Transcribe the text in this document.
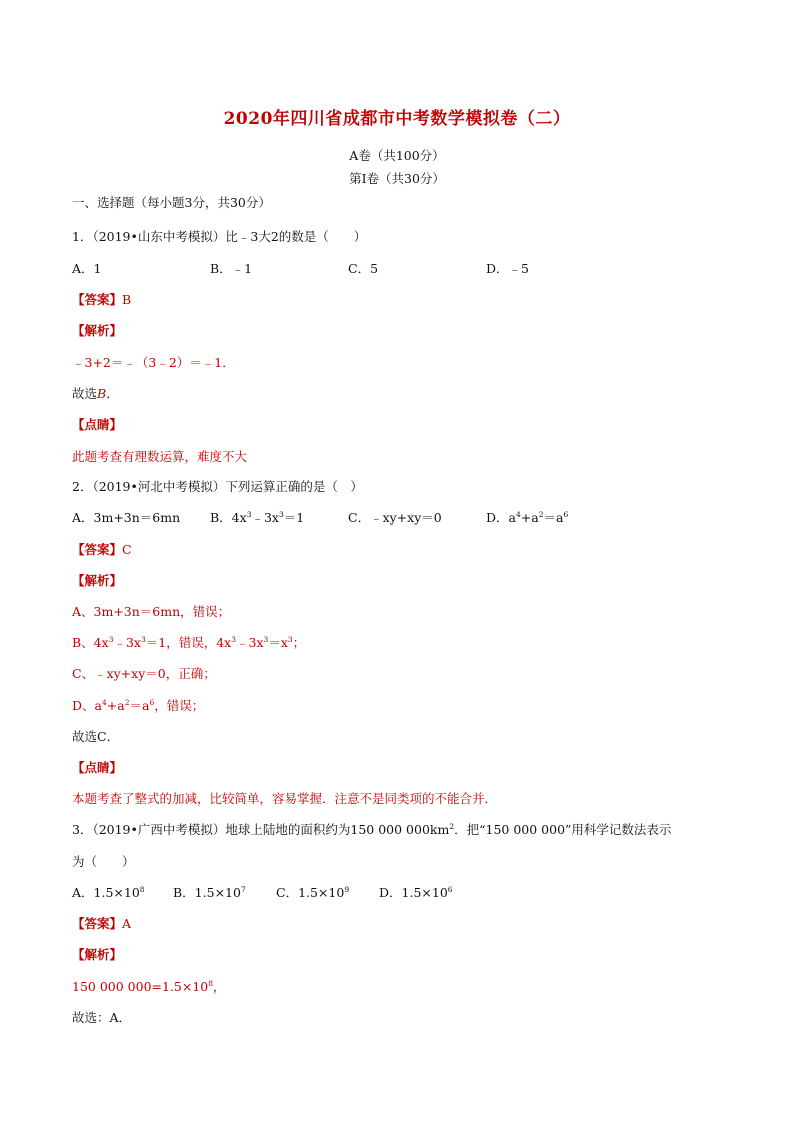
2020年四川省成都市中考数学模拟卷（二）
A卷（共100分）
第Ⅰ卷（共30分）
一、选择题（每小题3分，共30分）
1．（2019•山东中考模拟）比﹣3大2的数是（　　）
A．1	B．﹣1	C．5	D．﹣5
【答案】B
【解析】
﹣3+2＝﹣（3﹣2）＝﹣1．
故选B．
【点睛】
此题考查有理数运算，难度不大
2．（2019•河北中考模拟）下列运算正确的是（　）
A．3m+3n＝6mn B．$4x^3﹣3x^3=1$	C．﹣xy+xy＝0	D．$a^4+a^2=a^6$
【答案】C
【解析】
A、3m+3n＝6mn，错误；
B、$4x^3﹣3x^3=1$，错误，$4x^3﹣3x^3=x^3$；
C、﹣xy+xy＝0，正确；
D、$a^4+a^2=a^6$，错误；
故选C．
【点睛】
本题考查了整式的加减，比较简单，容易掌握．注意不是同类项的不能合并．
3．（2019•广西中考模拟）地球上陆地的面积约为150 000 $000km^2$．把“150 000 000”用科学记数法表示
为（　　）
A．$1.5\times 10^8$ B．$1.5\times 10^7$ C．$1.5\times 10^9$ D．$1.5\times 10^6$
【答案】A
【解析】
150 000 $000=1.5\times 10^8$，
故选：A．
